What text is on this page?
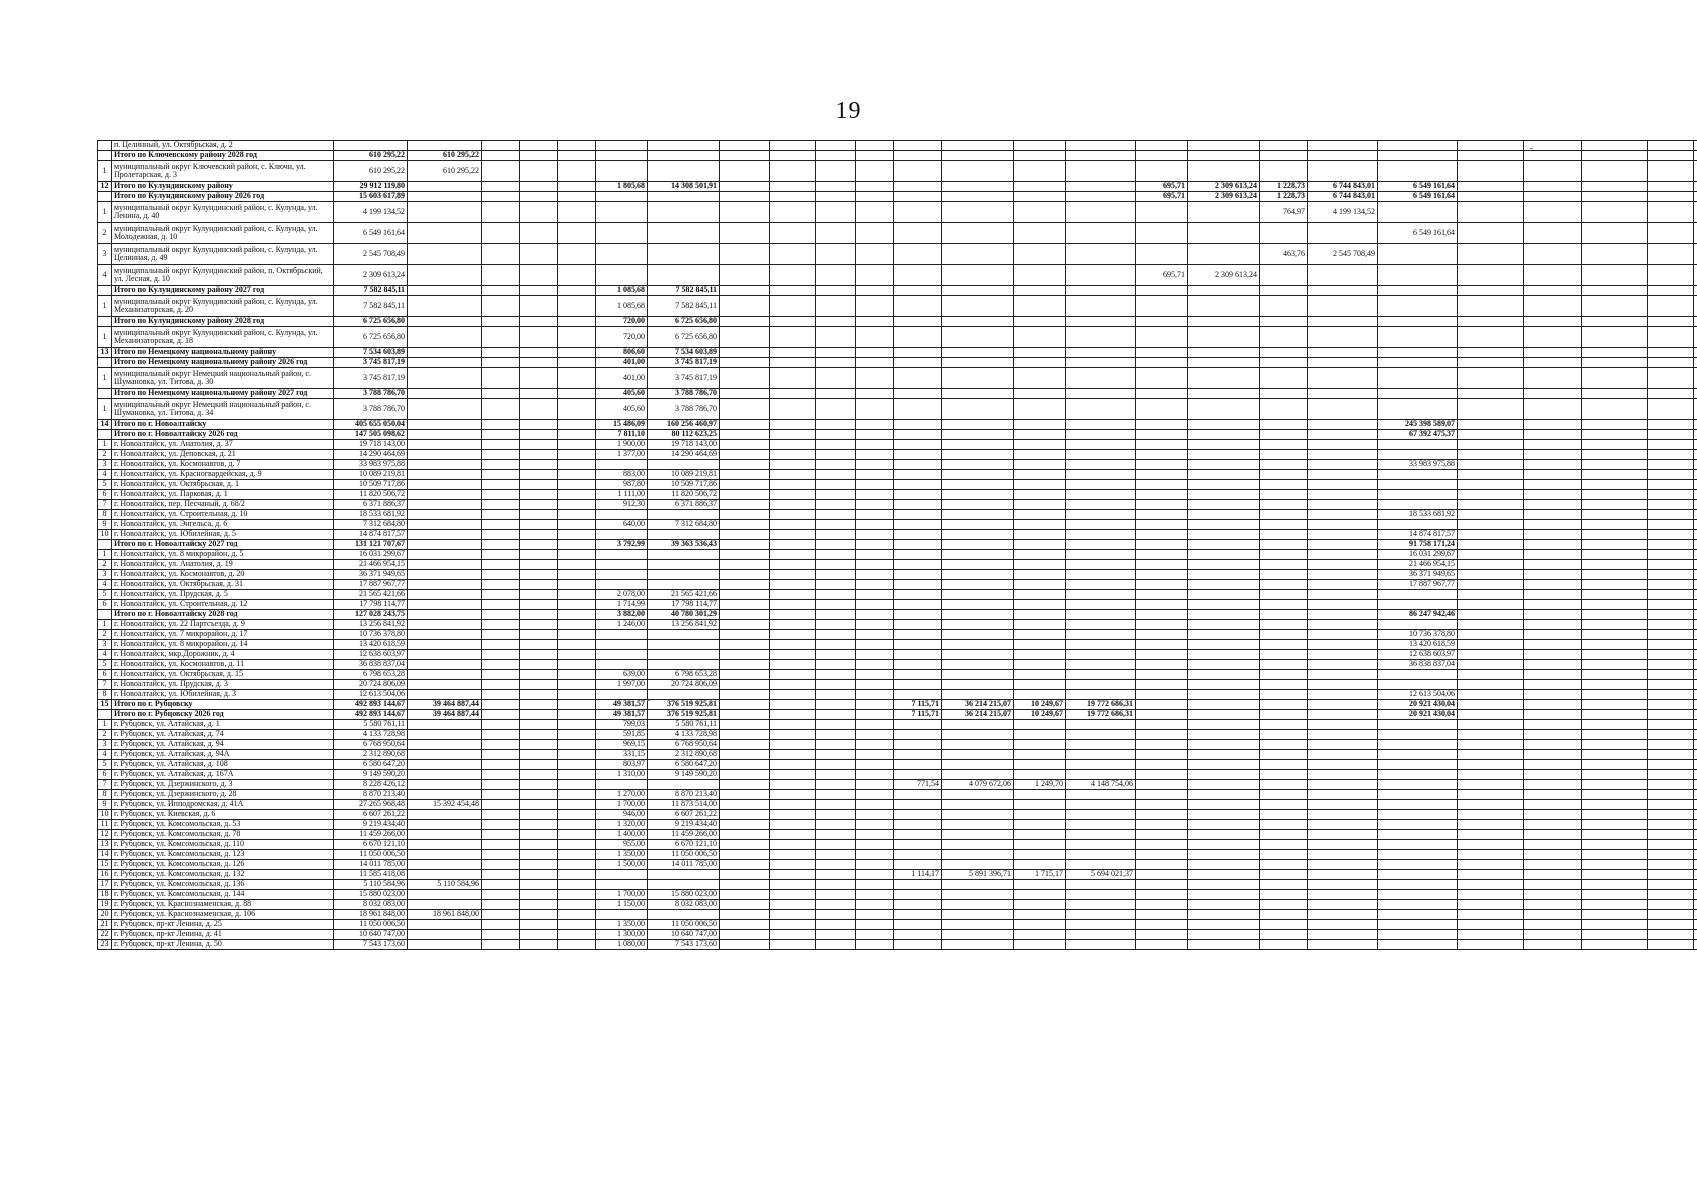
19
	п. Целинный, ул. Октябрьская, д. 2																									
	Итого по Ключевскому району 2028 год	610 295,22	610 295,22																							
1	муниципальный округ Ключевский район, с. Ключи, ул. Пролетарская, д. 3	610 295,22	610 295,22																							
12	Итого по Кулундинскому району	29 912 119,80					1 805,68	14 308 501,91									695,71	2 309 613,24	1 228,73	6 744 843,01	6 549 161,64					
	Итого по Кулундинскому району 2026 год	15 603 617,89															695,71	2 309 613,24	1 228,73	6 744 843,01	6 549 161,64					
1	муниципальный округ Кулундинский район, с. Кулунда, ул. Ленина, д. 40	4 199 134,52																	764,97	4 199 134,52						
2	муниципальный округ Кулундинский район, с. Кулунда, ул. Молодежная, д. 10	6 549 161,64																			6 549 161,64					
3	муниципальный округ Кулундинский район, с. Кулунда, ул. Целинная, д. 49	2 545 708,49																	463,76	2 545 708,49						
4	муниципальный округ Кулундинский район, п. Октябрьский, ул. Лесная, д. 10	2 309 613,24															695,71	2 309 613,24								
	Итого по Кулундинскому району 2027 год	7 582 845,11					1 085,68	7 582 845,11																		
1	муниципальный округ Кулундинский район, с. Кулунда, ул. Механизаторская, д. 20	7 582 845,11					1 085,68	7 582 845,11																		
	Итого по Кулундинскому району 2028 год	6 725 656,80					720,00	6 725 656,80																		
1	муниципальный округ Кулундинский район, с. Кулунда, ул. Механизаторская, д. 18	6 725 656,80					720,00	6 725 656,80																		
13	Итого по Немецкому национальному району	7 534 603,89					806,60	7 534 603,89																		
	Итого по Немецкому национальному району 2026 год	3 745 817,19					401,00	3 745 817,19																		
1	муниципальный округ Немецкий национальный район, с. Шумановка, ул. Титова, д. 30	3 745 817,19					401,00	3 745 817,19																		
	Итого по Немецкому национальному району 2027 год	3 788 786,70					405,60	3 788 786,70																		
1	муниципальный округ Немецкий национальный район, с. Шумановка, ул. Титова, д. 34	3 788 786,70					405,60	3 788 786,70																		
14	Итого по г. Новоалтайску	405 655 050,04					15 486,09	160 256 460,97													245 398 589,07					
	Итого по г. Новоалтайску 2026 год	147 505 098,62					7 811,10	80 112 623,25													67 392 475,37					
1	г. Новоалтайск, ул. Анатолия, д. 37	19 718 143,00					1 900,00	19 718 143,00																		
2	г. Новоалтайск, ул. Деповская, д. 21	14 290 464,69					1 377,00	14 290 464,69																		
3	г. Новоалтайск, ул. Космонавтов, д. 7	33 983 975,88																			33 983 975,88					
4	г. Новоалтайск, ул. Красногвардейская, д. 9	10 089 219,81					883,00	10 089 219,81																		
5	г. Новоалтайск, ул. Октябрьская, д. 1	10 509 717,86					987,80	10 509 717,86																		
6	г. Новоалтайск, ул. Парковая, д. 1	11 820 506,72					1 111,00	11 820 506,72																		
7	г. Новоалтайск, пер. Песчаный, д. 68/2	6 371 886,37					912,30	6 371 886,37																		
8	г. Новоалтайск, ул. Строительная, д. 10	18 533 681,92																			18 533 681,92					
9	г. Новоалтайск, ул. Энгельса, д. 6	7 312 684,80					640,00	7 312 684,80																		
10	г. Новоалтайск, ул. Юбилейная, д. 5	14 874 817,57																			14 874 817,57					
	Итого по г. Новоалтайску 2027 год	131 121 707,67					3 792,99	39 363 536,43													91 758 171,24					
1	г. Новоалтайск, ул. 8 микрорайон, д. 5	16 031 299,67																			16 031 299,67					
2	г. Новоалтайск, ул. Анатолия, д. 19	21 466 954,15																			21 466 954,15					
3	г. Новоалтайск, ул. Космонавтов, д. 20	36 371 949,65																			36 371 949,65					
4	г. Новоалтайск, ул. Октябрьская, д. 31	17 887 967,77																			17 887 967,77					
5	г. Новоалтайск, ул. Прудская, д. 5	21 565 421,66					2 078,00	21 565 421,66																		
6	г. Новоалтайск, ул. Строительная, д. 12	17 798 114,77					1 714,99	17 798 114,77																		
	Итого по г. Новоалтайску 2028 год	127 028 243,75					3 882,00	40 780 301,29													86 247 942,46					
1	г. Новоалтайск, ул. 22 Партсъезда, д. 9	13 256 841,92					1 246,00	13 256 841,92																		
2	г. Новоалтайск, ул. 7 микрорайон, д. 17	10 736 378,80																			10 736 378,80					
3	г. Новоалтайск, ул. 8 микрорайон, д. 14	13 420 618,59																			13 420 618,59					
4	г. Новоалтайск, мкр.Дорожник, д. 4	12 638 603,97																			12 638 603,97					
5	г. Новоалтайск, ул. Космонавтов, д. 11	36 838 837,04																			36 838 837,04					
6	г. Новоалтайск, ул. Октябрьская, д. 15	6 798 653,28					639,00	6 798 653,28																		
7	г. Новоалтайск, ул. Прудская, д. 3	20 724 806,09					1 997,00	20 724 806,09																		
8	г. Новоалтайск, ул. Юбилейная, д. 3	12 613 504,06																			12 613 504,06					
15	Итого по г. Рубцовску	492 893 144,67	39 464 887,44				49 381,57	376 519 925,81					7 115,71	36 214 215,07	10 249,67	19 772 686,31					20 921 430,04					
	Итого по г. Рубцовску 2026 год	492 893 144,67	39 464 887,44				49 381,57	376 519 925,81					7 115,71	36 214 215,07	10 249,67	19 772 686,31					20 921 430,04					
1	г. Рубцовск, ул. Алтайская, д. 1	5 580 761,11					799,03	5 580 761,11																		
2	г. Рубцовск, ул. Алтайская, д. 74	4 133 728,98					591,85	4 133 728,98																		
3	г. Рубцовск, ул. Алтайская, д. 94	6 768 950,64					969,15	6 768 950,64																		
4	г. Рубцовск, ул. Алтайская, д. 94А	2 312 890,68					331,15	2 312 890,68																		
5	г. Рубцовск, ул. Алтайская, д. 108	6 580 647,20					803,97	6 580 647,20																		
6	г. Рубцовск, ул. Алтайская, д. 167А	9 149 590,20					1 310,00	9 149 590,20																		
7	г. Рубцовск, ул. Дзержинского, д. 3	8 228 426,12											771,54	4 079 672,06	1 249,70	4 148 754,06										
8	г. Рубцовск, ул. Дзержинского, д. 28	8 870 213,40					1 270,00	8 870 213,40																		
9	г. Рубцовск, ул. Ипподромская, д. 41А	27 265 968,48	15 392 454,48				1 700,00	11 873 514,00																		
10	г. Рубцовск, ул. Киевская, д. 6	6 607 261,22					946,00	6 607 261,22																		
11	г. Рубцовск, ул. Комсомольская, д. 53	9 219 434,40					1 320,00	9 219 434,40																		
12	г. Рубцовск, ул. Комсомольская, д. 78	11 459 266,00					1 400,00	11 459 266,00																		
13	г. Рубцовск, ул. Комсомольская, д. 110	6 670 121,10					955,00	6 670 121,10																		
14	г. Рубцовск, ул. Комсомольская, д. 123	11 050 006,50					1 350,00	11 050 006,50																		
15	г. Рубцовск, ул. Комсомольская, д. 126	14 011 785,00					1 500,00	14 011 785,00																		
16	г. Рубцовск, ул. Комсомольская, д. 132	11 585 418,08											1 114,17	5 891 396,71	1 715,17	5 694 021,37										
17	г. Рубцовск, ул. Комсомольская, д. 136	5 110 584,96	5 110 584,96																							
18	г. Рубцовск, ул. Комсомольская, д. 144	15 880 023,00					1 700,00	15 880 023,00																		
19	г. Рубцовск, ул. Краснознаменская, д. 88	8 032 083,00					1 150,00	8 032 083,00																		
20	г. Рубцовск, ул. Краснознаменская, д. 106	18 961 848,00	18 961 848,00																							
21	г. Рубцовск, пр-кт Ленина, д. 25	11 050 006,50					1 350,00	11 050 006,50																		
22	г. Рубцовск, пр-кт Ленина, д. 41	10 640 747,00					1 300,00	10 640 747,00																		
23	г. Рубцовск, пр-кт Ленина, д. 50	7 543 173,60					1 080,00	7 543 173,60																		
